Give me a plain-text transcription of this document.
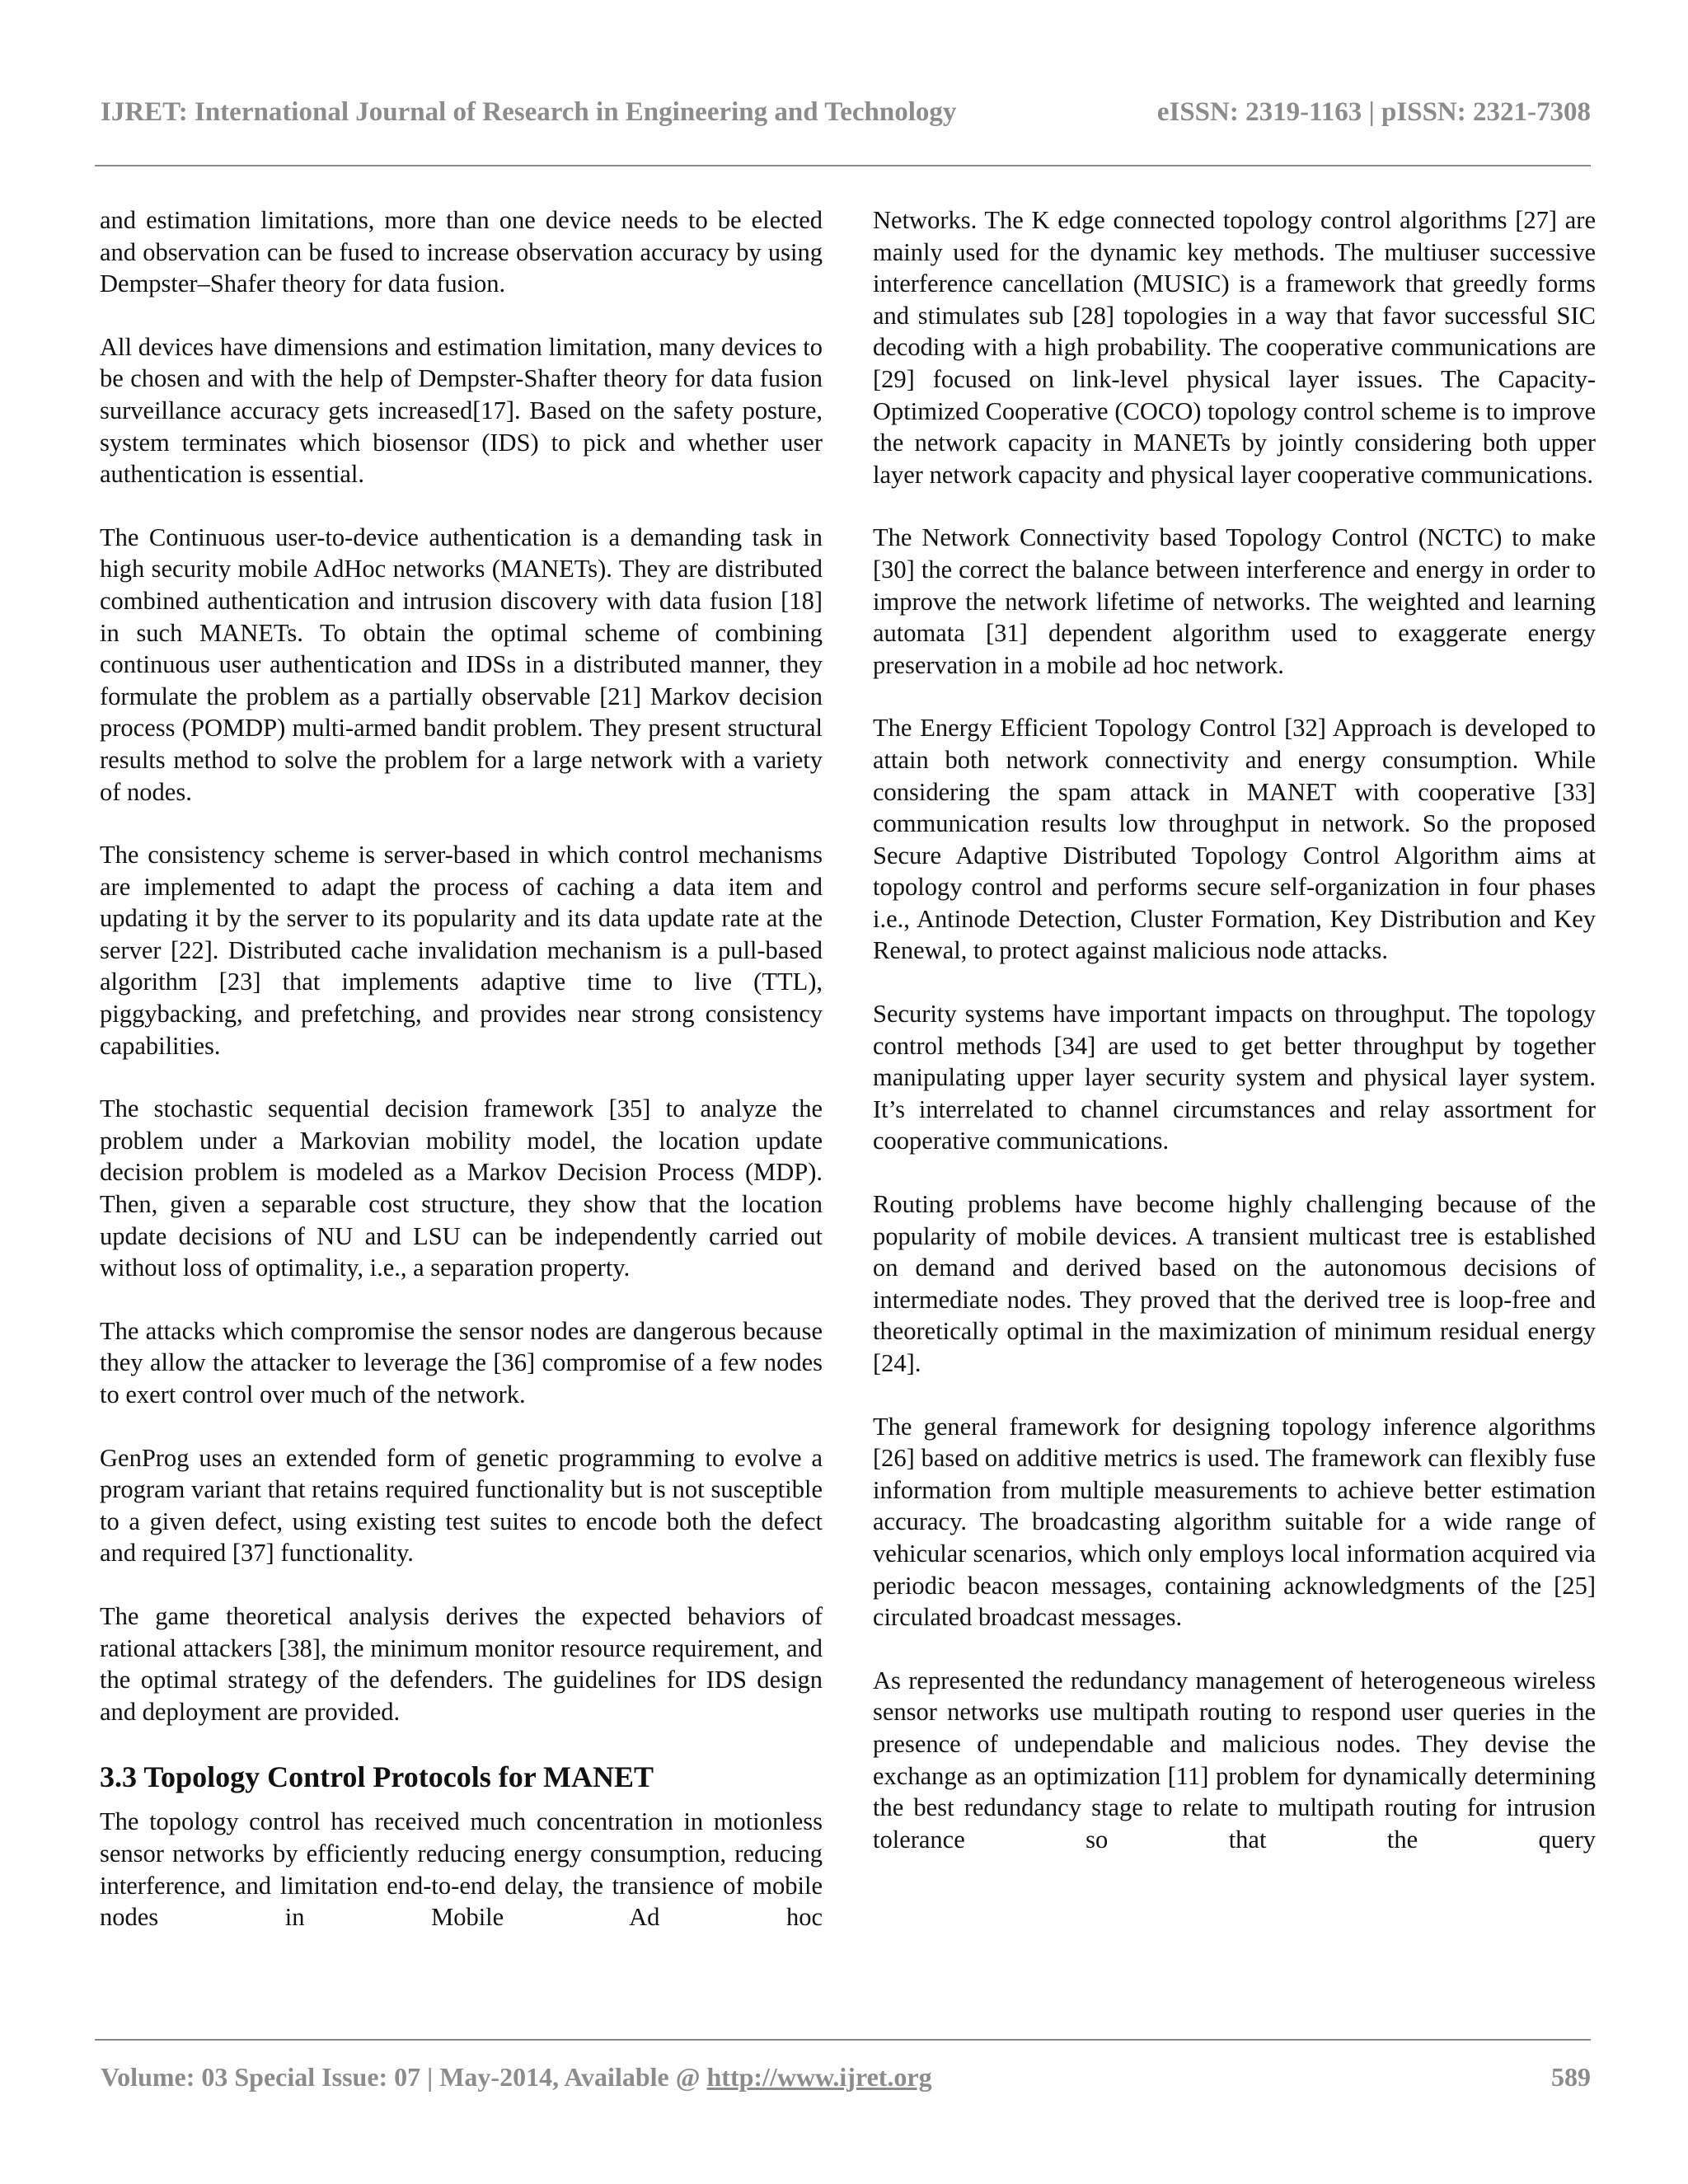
IJRET: International Journal of Research in Engineering and Technology	eISSN: 2319-1163 | pISSN: 2321-7308

and estimation limitations, more than one device needs to be elected and observation can be fused to increase observation accuracy by using Dempster–Shafer theory for data fusion.

All devices have dimensions and estimation limitation, many devices to be chosen and with the help of Dempster-Shafter theory for data fusion surveillance accuracy gets increased[17]. Based on the safety posture, system terminates which biosensor (IDS) to pick and whether user authentication is essential.

The Continuous user-to-device authentication is a demanding task in high security mobile AdHoc networks (MANETs). They are distributed combined authentication and intrusion discovery with data fusion [18] in such MANETs. To obtain the optimal scheme of combining continuous user authentication and IDSs in a distributed manner, they formulate the problem as a partially observable [21] Markov decision process (POMDP) multi-armed bandit problem. They present structural results method to solve the problem for a large network with a variety of nodes.

The consistency scheme is server-based in which control mechanisms are implemented to adapt the process of caching a data item and updating it by the server to its popularity and its data update rate at the server [22]. Distributed cache invalidation mechanism is a pull-based algorithm [23] that implements adaptive time to live (TTL), piggybacking, and prefetching, and provides near strong consistency capabilities.

The stochastic sequential decision framework [35] to analyze the problem under a Markovian mobility model, the location update decision problem is modeled as a Markov Decision Process (MDP). Then, given a separable cost structure, they show that the location update decisions of NU and LSU can be independently carried out without loss of optimality, i.e., a separation property.

The attacks which compromise the sensor nodes are dangerous because they allow the attacker to leverage the [36] compromise of a few nodes to exert control over much of the network.

GenProg uses an extended form of genetic programming to evolve a program variant that retains required functionality but is not susceptible to a given defect, using existing test suites to encode both the defect and required [37] functionality.

The game theoretical analysis derives the expected behaviors of rational attackers [38], the minimum monitor resource requirement, and the optimal strategy of the defenders. The guidelines for IDS design and deployment are provided.

3.3 Topology Control Protocols for MANET

The topology control has received much concentration in motionless sensor networks by efficiently reducing energy consumption, reducing interference, and limitation end-to-end delay, the transience of mobile nodes in Mobile Ad hoc

Networks. The K edge connected topology control algorithms [27] are mainly used for the dynamic key methods. The multiuser successive interference cancellation (MUSIC) is a framework that greedly forms and stimulates sub [28] topologies in a way that favor successful SIC decoding with a high probability. The cooperative communications are [29] focused on link-level physical layer issues. The Capacity-Optimized Cooperative (COCO) topology control scheme is to improve the network capacity in MANETs by jointly considering both upper layer network capacity and physical layer cooperative communications.

The Network Connectivity based Topology Control (NCTC) to make [30] the correct the balance between interference and energy in order to improve the network lifetime of networks. The weighted and learning automata [31] dependent algorithm used to exaggerate energy preservation in a mobile ad hoc network.

The Energy Efficient Topology Control [32] Approach is developed to attain both network connectivity and energy consumption. While considering the spam attack in MANET with cooperative [33] communication results low throughput in network. So the proposed Secure Adaptive Distributed Topology Control Algorithm aims at topology control and performs secure self-organization in four phases i.e., Antinode Detection, Cluster Formation, Key Distribution and Key Renewal, to protect against malicious node attacks.

Security systems have important impacts on throughput. The topology control methods [34] are used to get better throughput by together manipulating upper layer security system and physical layer system. It’s interrelated to channel circumstances and relay assortment for cooperative communications.

Routing problems have become highly challenging because of the popularity of mobile devices. A transient multicast tree is established on demand and derived based on the autonomous decisions of intermediate nodes. They proved that the derived tree is loop-free and theoretically optimal in the maximization of minimum residual energy [24].

The general framework for designing topology inference algorithms [26] based on additive metrics is used. The framework can flexibly fuse information from multiple measurements to achieve better estimation accuracy. The broadcasting algorithm suitable for a wide range of vehicular scenarios, which only employs local information acquired via periodic beacon messages, containing acknowledgments of the [25] circulated broadcast messages.

As represented the redundancy management of heterogeneous wireless sensor networks use multipath routing to respond user queries in the presence of undependable and malicious nodes. They devise the exchange as an optimization [11] problem for dynamically determining the best redundancy stage to relate to multipath routing for intrusion tolerance so that the query

Volume: 03 Special Issue: 07 | May-2014, Available @ http://www.ijret.org	589
